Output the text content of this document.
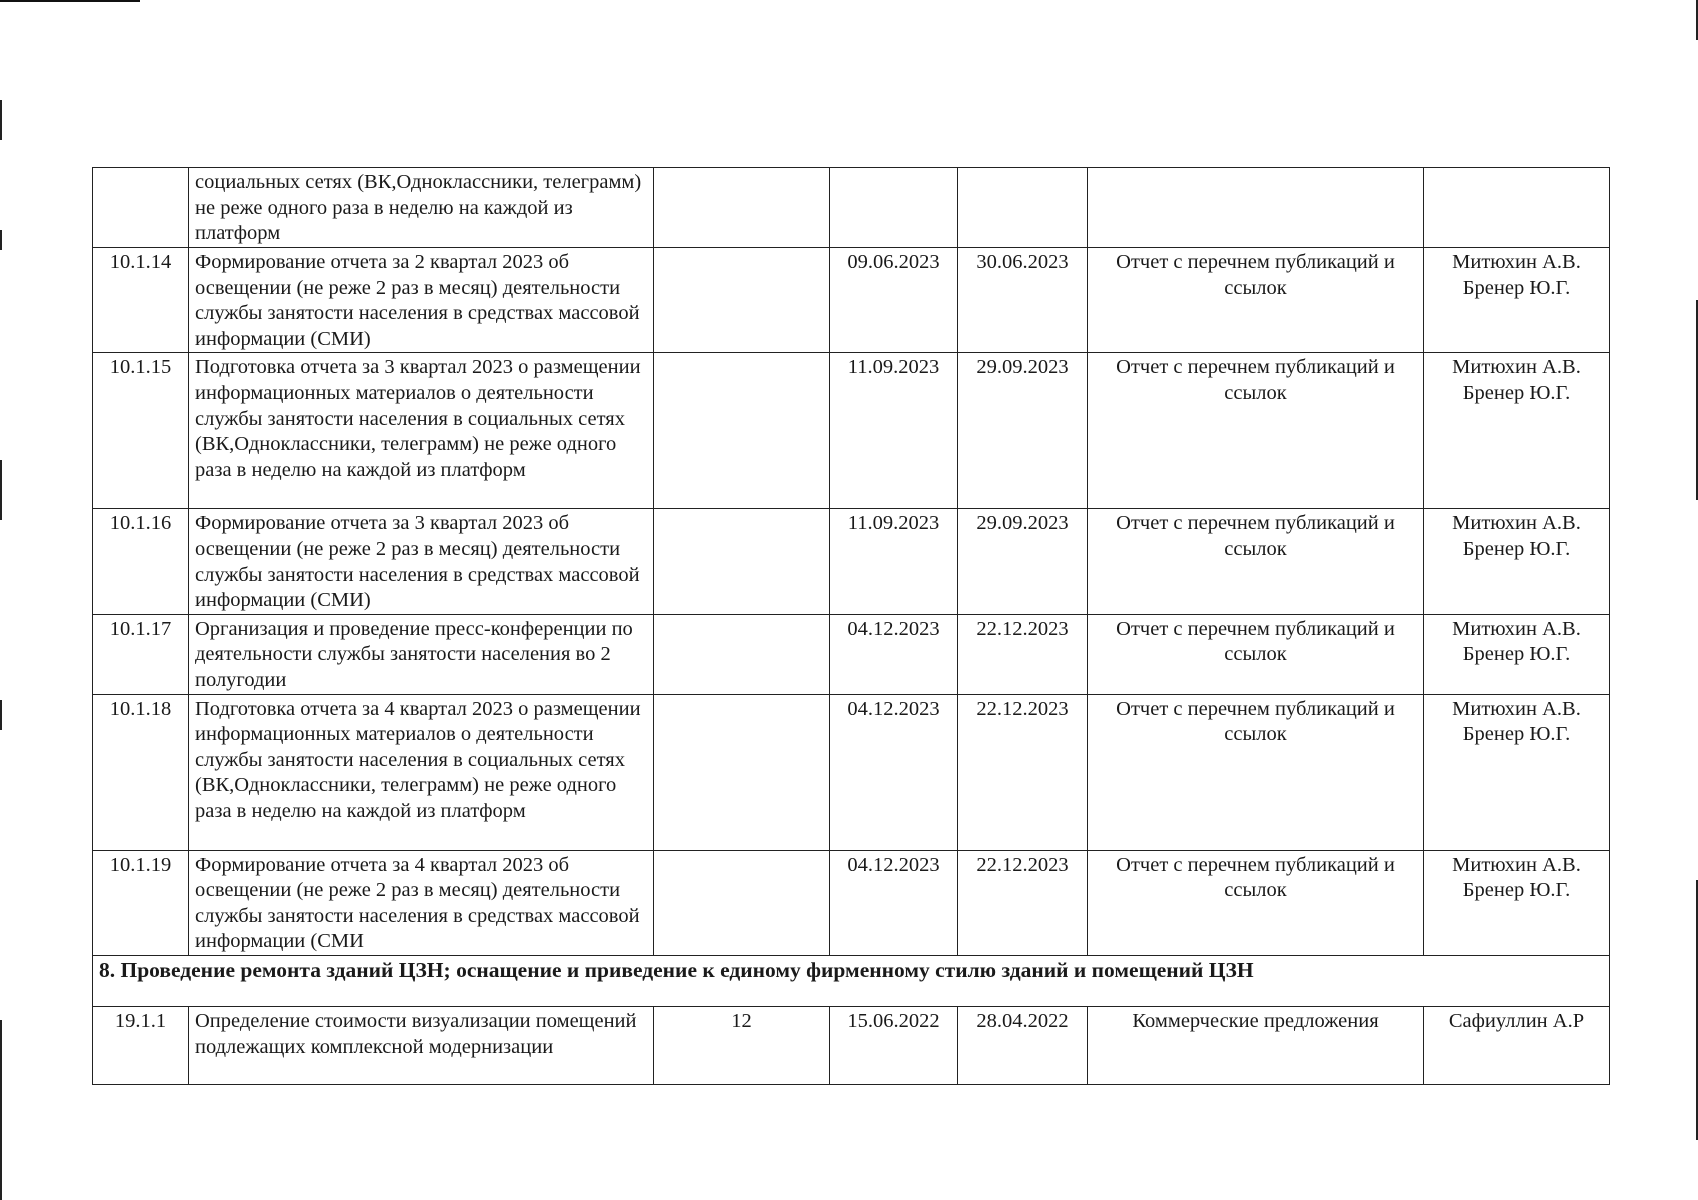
	социальных сетях (ВК,Одноклассники, телеграмм) не реже одного раза в неделю на каждой из платформ					

10.1.14	Формирование отчета за 2 квартал 2023 об освещении (не реже 2 раз в месяц) деятельности службы занятости населения в средствах массовой информации (СМИ)		09.06.2023	30.06.2023	Отчет с перечнем публикаций и ссылок	Митюхин А.В.
Бренер Ю.Г.

10.1.15	Подготовка отчета за 3 квартал 2023 о размещении информационных материалов о деятельности службы занятости населения в социальных сетях (ВК,Одноклассники, телеграмм) не реже одного раза в неделю на каждой из платформ		11.09.2023	29.09.2023	Отчет с перечнем публикаций и ссылок	Митюхин А.В.
Бренер Ю.Г.

10.1.16	Формирование отчета за 3 квартал 2023 об освещении (не реже 2 раз в месяц) деятельности службы занятости населения в средствах массовой информации (СМИ)		11.09.2023	29.09.2023	Отчет с перечнем публикаций и ссылок	Митюхин А.В.
Бренер Ю.Г.

10.1.17	Организация и проведение пресс-конференции по деятельности службы занятости населения во 2 полугодии		04.12.2023	22.12.2023	Отчет с перечнем публикаций и ссылок	Митюхин А.В.
Бренер Ю.Г.

10.1.18	Подготовка отчета за 4 квартал 2023 о размещении информационных материалов о деятельности службы занятости населения в социальных сетях (ВК,Одноклассники, телеграмм) не реже одного раза в неделю на каждой из платформ		04.12.2023	22.12.2023	Отчет с перечнем публикаций и ссылок	Митюхин А.В.
Бренер Ю.Г.

10.1.19	Формирование отчета за 4 квартал 2023 об освещении (не реже 2 раз в месяц) деятельности службы занятости населения в средствах массовой информации (СМИ		04.12.2023	22.12.2023	Отчет с перечнем публикаций и ссылок	Митюхин А.В.
Бренер Ю.Г.

8. Проведение ремонта зданий ЦЗН; оснащение и приведение к единому фирменному стилю зданий и помещений ЦЗН						
19.1.1	Определение стоимости визуализации помещений подлежащих комплексной модернизации	12	15.06.2022	28.04.2022	Коммерческие предложения	Сафиуллин А.Р
